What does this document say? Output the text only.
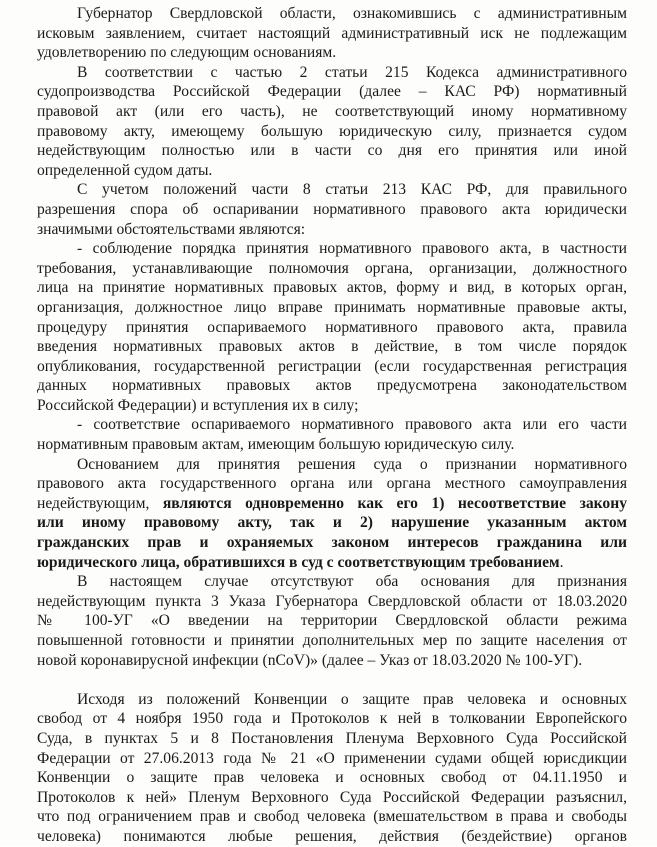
Губернатор Свердловской области, ознакомившись с административным
исковым заявлением, считает настоящий административный иск не подлежащим
удовлетворению по следующим основаниям.
В соответствии с частью 2 статьи 215 Кодекса административного
судопроизводства Российской Федерации (далее – КАС РФ) нормативный
правовой акт (или его часть), не соответствующий иному нормативному
правовому акту, имеющему большую юридическую силу, признается судом
недействующим полностью или в части со дня его принятия или иной
определенной судом даты.
С учетом положений части 8 статьи 213 КАС РФ, для правильного
разрешения спора об оспаривании нормативного правового акта юридически
значимыми обстоятельствами являются:
- соблюдение порядка принятия нормативного правового акта, в частности
требования, устанавливающие полномочия органа, организации, должностного
лица на принятие нормативных правовых актов, форму и вид, в которых орган,
организация, должностное лицо вправе принимать нормативные правовые акты,
процедуру принятия оспариваемого нормативного правового акта, правила
введения нормативных правовых актов в действие, в том числе порядок
опубликования, государственной регистрации (если государственная регистрация
данных нормативных правовых актов предусмотрена законодательством
Российской Федерации) и вступления их в силу;
- соответствие оспариваемого нормативного правового акта или его части
нормативным правовым актам, имеющим большую юридическую силу.
Основанием для принятия решения суда о признании нормативного
правового акта государственного органа или органа местного самоуправления
недействующим, являются одновременно как его 1) несоответствие закону
или иному правовому акту, так и 2) нарушение указанным актом
гражданских прав и охраняемых законом интересов гражданина или
юридического лица, обратившихся в суд с соответствующим требованием.
В настоящем случае отсутствуют оба основания для признания
недействующим пункта 3 Указа Губернатора Свердловской области от 18.03.2020
№ 100-УГ «О введении на территории Свердловской области режима
повышенной готовности и принятии дополнительных мер по защите населения от
новой коронавирусной инфекции (nCoV)» (далее – Указ от 18.03.2020 № 100-УГ).
Исходя из положений Конвенции о защите прав человека и основных
свобод от 4 ноября 1950 года и Протоколов к ней в толковании Европейского
Суда, в пунктах 5 и 8 Постановления Пленума Верховного Суда Российской
Федерации от 27.06.2013 года № 21 «О применении судами общей юрисдикции
Конвенции о защите прав человека и основных свобод от 04.11.1950 и
Протоколов к ней» Пленум Верховного Суда Российской Федерации разъяснил,
что под ограничением прав и свобод человека (вмешательством в права и свободы
человека) понимаются любые решения, действия (бездействие) органов
